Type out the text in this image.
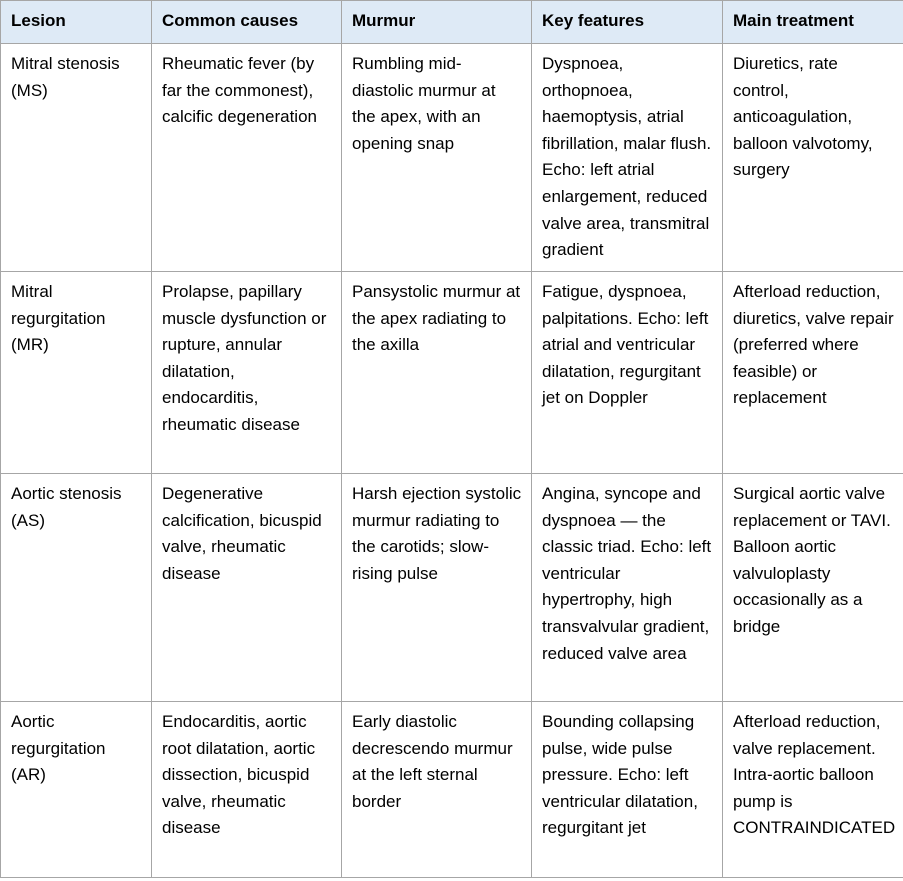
Lesion	Common causes	Murmur	Key features	Main treatment
Mitral stenosis (MS)	Rheumatic fever (by far the commonest), calcific degeneration	Rumbling mid-diastolic murmur at the apex, with an opening snap	Dyspnoea, orthopnoea, haemoptysis, atrial fibrillation, malar flush. Echo: left atrial enlargement, reduced valve area, transmitral gradient	Diuretics, rate control, anticoagulation, balloon valvotomy, surgery
Mitral regurgitation (MR)	Prolapse, papillary muscle dysfunction or rupture, annular dilatation, endocarditis, rheumatic disease	Pansystolic murmur at the apex radiating to the axilla	Fatigue, dyspnoea, palpitations. Echo: left atrial and ventricular dilatation, regurgitant jet on Doppler	Afterload reduction, diuretics, valve repair (preferred where feasible) or replacement
Aortic stenosis (AS)	Degenerative calcification, bicuspid valve, rheumatic disease	Harsh ejection systolic murmur radiating to the carotids; slow-rising pulse	Angina, syncope and dyspnoea — the classic triad. Echo: left ventricular hypertrophy, high transvalvular gradient, reduced valve area	Surgical aortic valve replacement or TAVI. Balloon aortic valvuloplasty occasionally as a bridge
Aortic regurgitation (AR)	Endocarditis, aortic root dilatation, aortic dissection, bicuspid valve, rheumatic disease	Early diastolic decrescendo murmur at the left sternal border	Bounding collapsing pulse, wide pulse pressure. Echo: left ventricular dilatation, regurgitant jet	Afterload reduction, valve replacement. Intra-aortic balloon pump is CONTRAINDICATED
